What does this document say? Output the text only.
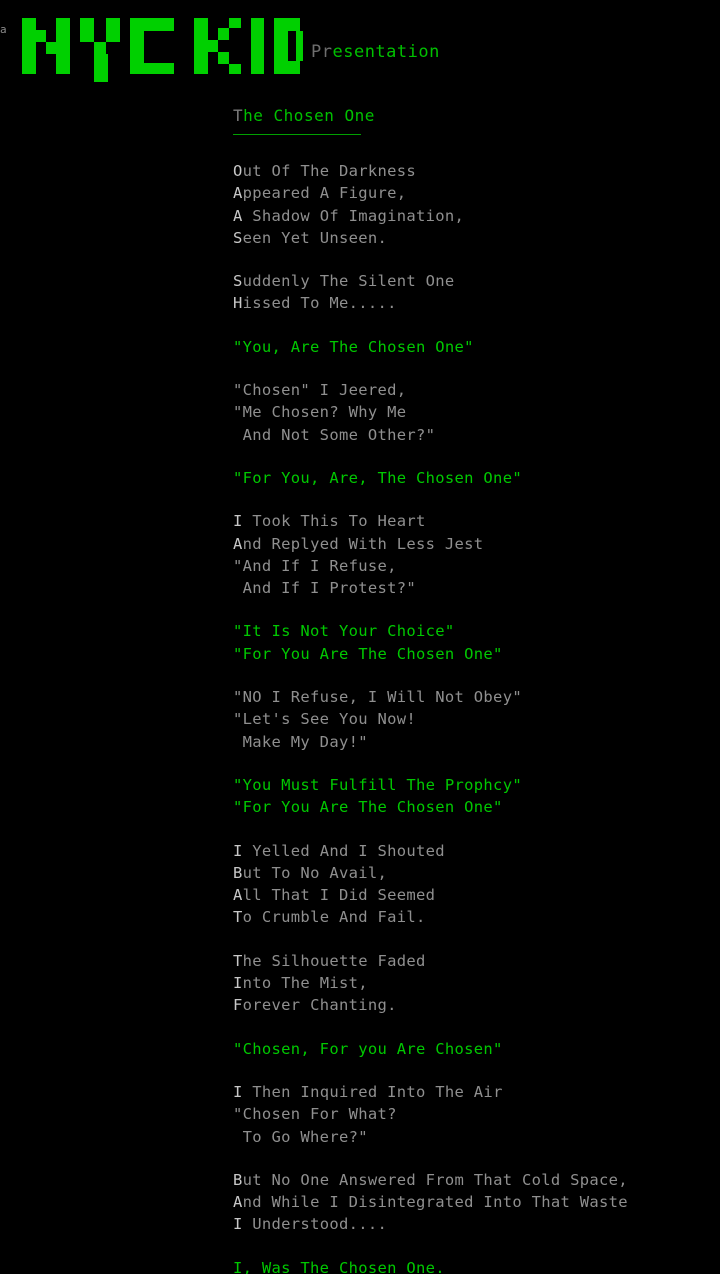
a
Presentation
The Chosen One
Out Of The Darkness
Appeared A Figure,
A Shadow Of Imagination,
Seen Yet Unseen.
Suddenly The Silent One
Hissed To Me.....
"You, Are The Chosen One"
"Chosen" I Jeered,
"Me Chosen? Why Me
And Not Some Other?"
"For You, Are, The Chosen One"
I Took This To Heart
And Replyed With Less Jest
"And If I Refuse,
And If I Protest?"
"It Is Not Your Choice"
"For You Are The Chosen One"
"NO I Refuse, I Will Not Obey"
"Let's See You Now!
Make My Day!"
"You Must Fulfill The Prophcy"
"For You Are The Chosen One"
I Yelled And I Shouted
But To No Avail,
All That I Did Seemed
To Crumble And Fail.
The Silhouette Faded
Into The Mist,
Forever Chanting.
"Chosen, For you Are Chosen"
I Then Inquired Into The Air
"Chosen For What?
To Go Where?"
But No One Answered From That Cold Space,
And While I Disintegrated Into That Waste
I Understood....
I, Was The Chosen One.
